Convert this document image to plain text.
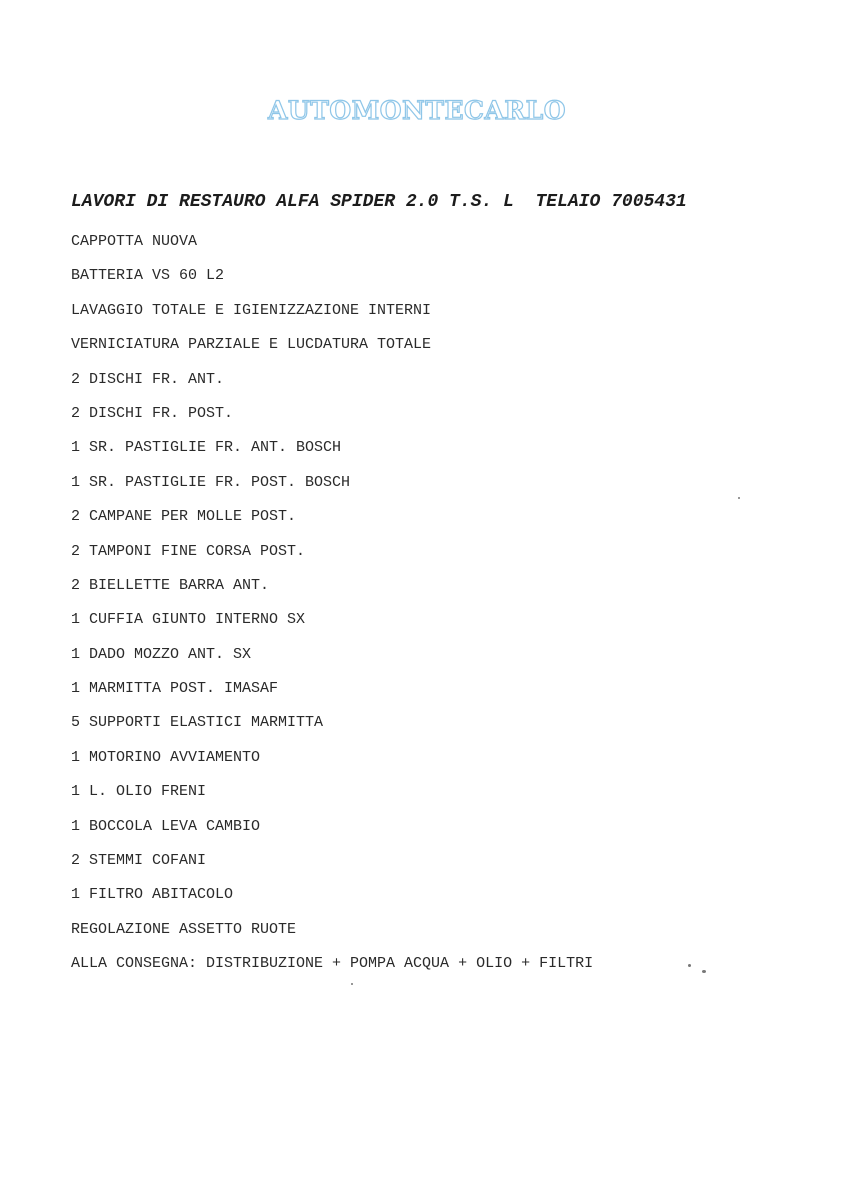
AUTOMONTECARLO
LAVORI DI RESTAURO ALFA SPIDER 2.0 T.S. L  TELAIO 7005431
CAPPOTTA NUOVA
BATTERIA VS 60 L2
LAVAGGIO TOTALE E IGIENIZZAZIONE INTERNI
VERNICIATURA PARZIALE E LUCDATURA TOTALE
2 DISCHI FR. ANT.
2 DISCHI FR. POST.
1 SR. PASTIGLIE FR. ANT. BOSCH
1 SR. PASTIGLIE FR. POST. BOSCH
2 CAMPANE PER MOLLE POST.
2 TAMPONI FINE CORSA POST.
2 BIELLETTE BARRA ANT.
1 CUFFIA GIUNTO INTERNO SX
1 DADO MOZZO ANT. SX
1 MARMITTA POST. IMASAF
5 SUPPORTI ELASTICI MARMITTA
1 MOTORINO AVVIAMENTO
1 L. OLIO FRENI
1 BOCCOLA LEVA CAMBIO
2 STEMMI COFANI
1 FILTRO ABITACOLO
REGOLAZIONE ASSETTO RUOTE
ALLA CONSEGNA: DISTRIBUZIONE + POMPA ACQUA + OLIO + FILTRI
